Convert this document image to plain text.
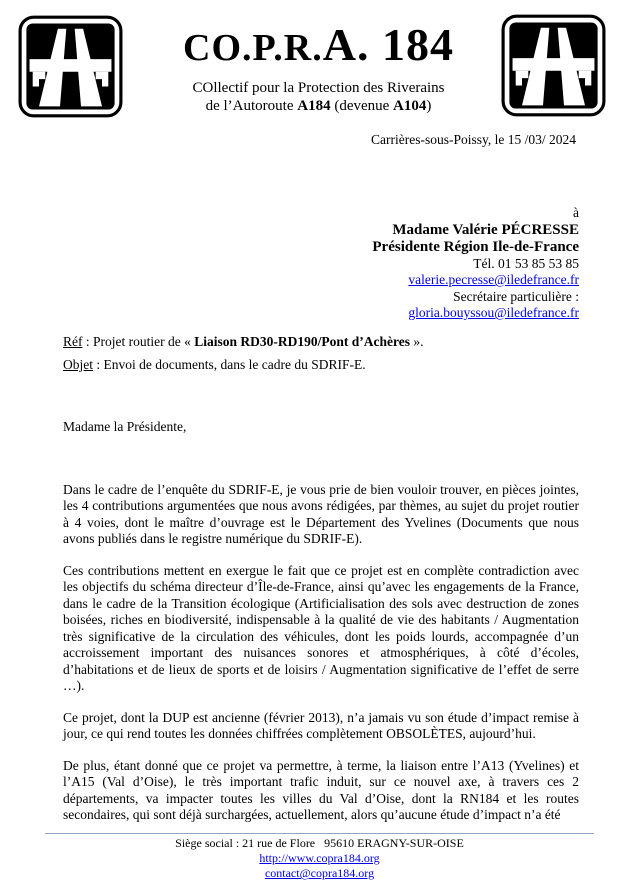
CO.P.R.A. 184
COllectif pour la Protection des Riverains
de l’Autoroute A184 (devenue A104)
Carrières-sous-Poissy, le 15 /03/ 2024
à
Madame Valérie PÉCRESSE
Présidente Région Ile-de-France
Tél. 01 53 85 53 85
valerie.pecresse@iledefrance.fr
Secrétaire particulière :
gloria.bouyssou@iledefrance.fr
Réf : Projet routier de « Liaison RD30-RD190/Pont d’Achères ».
Objet : Envoi de documents, dans le cadre du SDRIF-E.

Madame la Présidente,

Dans le cadre de l’enquête du SDRIF-E, je vous prie de bien vouloir trouver, en pièces jointes, les 4 contributions argumentées que nous avons rédigées, par thèmes, au sujet du projet routier à 4 voies, dont le maître d’ouvrage est le Département des Yvelines (Documents que nous avons publiés dans le registre numérique du SDRIF-E).

Ces contributions mettent en exergue le fait que ce projet est en complète contradiction avec les objectifs du schéma directeur d’Île-de-France, ainsi qu’avec les engagements de la France, dans le cadre de la Transition écologique (Artificialisation des sols avec destruction de zones boisées, riches en biodiversité, indispensable à la qualité de vie des habitants / Augmentation très significative de la circulation des véhicules, dont les poids lourds, accompagnée d’un accroissement important des nuisances sonores et atmosphériques, à côté d’écoles, d’habitations et de lieux de sports et de loisirs / Augmentation significative de l’effet de serre …).

Ce projet, dont la DUP est ancienne (février 2013), n’a jamais vu son étude d’impact remise à jour, ce qui rend toutes les données chiffrées complètement OBSOLÈTES, aujourd’hui.

De plus, étant donné que ce projet va permettre, à terme, la liaison entre l’A13 (Yvelines) et l’A15 (Val d’Oise), le très important trafic induit, sur ce nouvel axe, à travers ces 2 départements, va impacter toutes les villes du Val d’Oise, dont la RN184 et les routes secondaires, qui sont déjà surchargées, actuellement, alors qu’aucune étude d’impact n’a été

Siège social : 21 rue de Flore   95610 ERAGNY-SUR-OISE
http://www.copra184.org
contact@copra184.org
